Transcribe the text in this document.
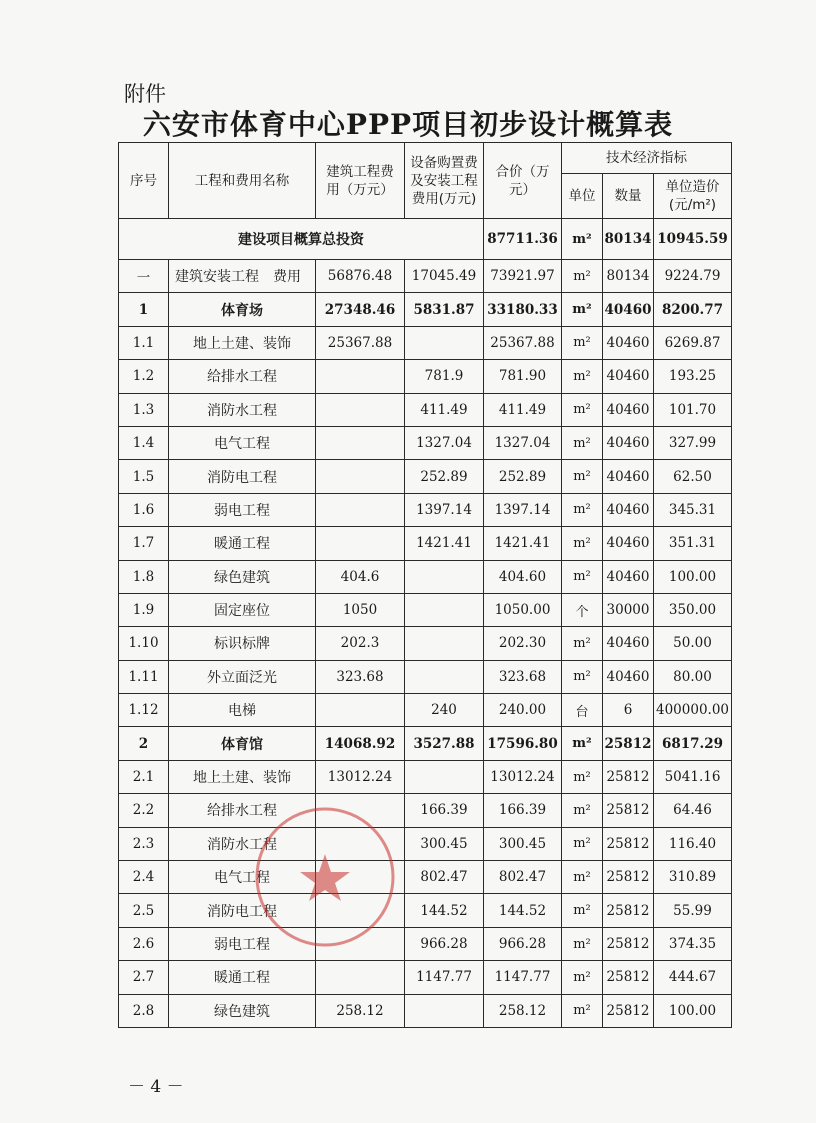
附件
六安市体育中心PPP项目初步设计概算表
序号	工程和费用名称	建筑工程费用（万元）	设备购置费及安装工程费用(万元)	合价（万元）	技术经济指标		
					单位	数量	单位造价(元/m²)
建设项目概算总投资				87711.36	m²	80134	10945.59
一	建筑安装工程　费用	56876.48	17045.49	73921.97	m²	80134	9224.79
1	体育场	27348.46	5831.87	33180.33	m²	40460	8200.77
1.1	地上土建、装饰	25367.88		25367.88	m²	40460	6269.87
1.2	给排水工程		781.9	781.90	m²	40460	193.25
1.3	消防水工程		411.49	411.49	m²	40460	101.70
1.4	电气工程		1327.04	1327.04	m²	40460	327.99
1.5	消防电工程		252.89	252.89	m²	40460	62.50
1.6	弱电工程		1397.14	1397.14	m²	40460	345.31
1.7	暖通工程		1421.41	1421.41	m²	40460	351.31
1.8	绿色建筑	404.6		404.60	m²	40460	100.00
1.9	固定座位	1050		1050.00	个	30000	350.00
1.10	标识标牌	202.3		202.30	m²	40460	50.00
1.11	外立面泛光	323.68		323.68	m²	40460	80.00
1.12	电梯		240	240.00	台	6	400000.00
2	体育馆	14068.92	3527.88	17596.80	m²	25812	6817.29
2.1	地上土建、装饰	13012.24		13012.24	m²	25812	5041.16
2.2	给排水工程		166.39	166.39	m²	25812	64.46
2.3	消防水工程		300.45	300.45	m²	25812	116.40
2.4	电气工程		802.47	802.47	m²	25812	310.89
2.5	消防电工程		144.52	144.52	m²	25812	55.99
2.6	弱电工程		966.28	966.28	m²	25812	374.35
2.7	暖通工程		1147.77	1147.77	m²	25812	444.67
2.8	绿色建筑	258.12		258.12	m²	25812	100.00
－ 4 －
